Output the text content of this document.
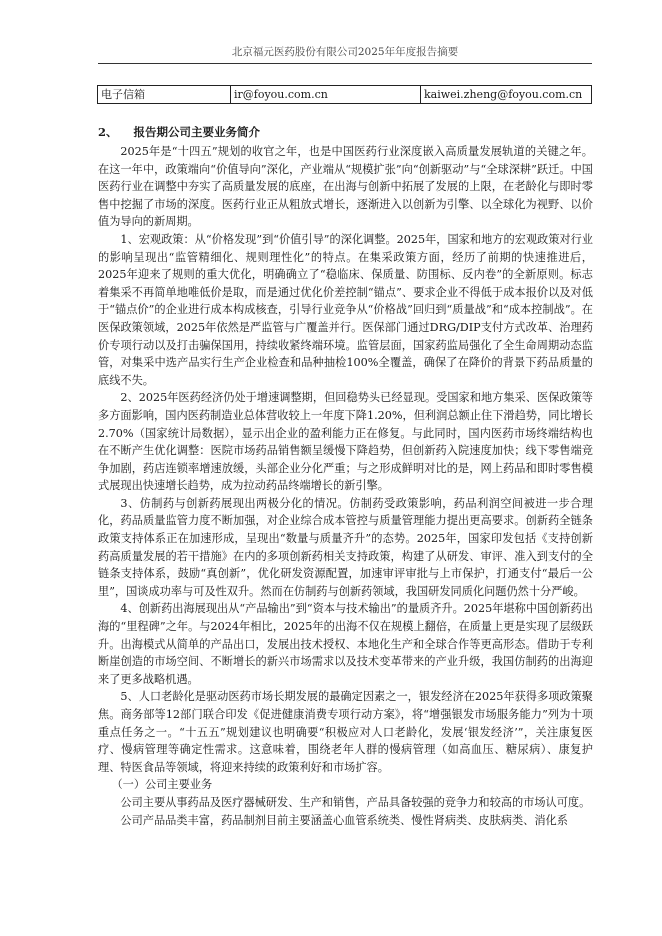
北京福元医药股份有限公司2025年年度报告摘要
电子信箱	ir@foyou.com.cn	kaiwei.zheng@foyou.com.cn
2、 报告期公司主要业务简介

2025年是“十四五”规划的收官之年，也是中国医药行业深度嵌入高质量发展轨道的关键之年。在这一年中，政策端向“价值导向”深化，产业端从“规模扩张”向“创新驱动”与“全球深耕”跃迁。中国医药行业在调整中夯实了高质量发展的底座，在出海与创新中拓展了发展的上限，在老龄化与即时零售中挖掘了市场的深度。医药行业正从粗放式增长，逐渐进入以创新为引擎、以全球化为视野、以价值为导向的新周期。

1、宏观政策：从“价格发现”到“价值引导”的深化调整。2025年，国家和地方的宏观政策对行业的影响呈现出“监管精细化、规则理性化”的特点。在集采政策方面，经历了前期的快速推进后，2025年迎来了规则的重大优化，明确确立了“稳临床、保质量、防围标、反内卷”的全新原则。标志着集采不再简单地唯低价是取，而是通过优化价差控制“锚点”、要求企业不得低于成本报价以及对低于“锚点价”的企业进行成本构成核查，引导行业竞争从“价格战”回归到“质量战”和“成本控制战”。在医保政策领域，2025年依然是严监管与广覆盖并行。医保部门通过DRG/DIP支付方式改革、治理药价专项行动以及打击骗保国用，持续收紧终端环境。监管层面，国家药监局强化了全生命周期动态监管，对集采中选产品实行生产企业检查和品种抽检100%全覆盖，确保了在降价的背景下药品质量的底线不失。

2、2025年医药经济仍处于增速调整期，但回稳势头已经显现。受国家和地方集采、医保政策等多方面影响，国内医药制造业总体营收较上一年度下降1.20%，但利润总额止住下滑趋势，同比增长2.70%（国家统计局数据），显示出企业的盈利能力正在修复。与此同时，国内医药市场终端结构也在不断产生优化调整：医院市场药品销售额呈缓慢下降趋势，但创新药入院速度加快；线下零售端竞争加剧，药店连锁率增速放缓，头部企业分化严重；与之形成鲜明对比的是，网上药品和即时零售模式展现出快速增长趋势，成为拉动药品终端增长的新引擎。

3、仿制药与创新药展现出两极分化的情况。仿制药受政策影响，药品利润空间被进一步合理化，药品质量监管力度不断加强，对企业综合成本管控与质量管理能力提出更高要求。创新药全链条政策支持体系正在加速形成，呈现出“数量与质量齐升”的态势。2025年，国家印发包括《支持创新药高质量发展的若干措施》在内的多项创新药相关支持政策，构建了从研发、审评、准入到支付的全链条支持体系，鼓励“真创新”，优化研发资源配置，加速审评审批与上市保护，打通支付“最后一公里”，国谈成功率与可及性双升。然而在仿制药与创新药领域，我国研发同质化问题仍然十分严峻。

4、创新药出海展现出从“产品输出”到“资本与技术输出”的量质齐升。2025年堪称中国创新药出海的“里程碑”之年。与2024年相比，2025年的出海不仅在规模上翻倍，在质量上更是实现了层级跃升。出海模式从简单的产品出口，发展出技术授权、本地化生产和全球合作等更高形态。借助于专利断崖创造的市场空间、不断增长的新兴市场需求以及技术变革带来的产业升级，我国仿制药的出海迎来了更多战略机遇。

5、人口老龄化是驱动医药市场长期发展的最确定因素之一，银发经济在2025年获得多项政策聚焦。商务部等12部门联合印发《促进健康消费专项行动方案》，将“增强银发市场服务能力”列为十项重点任务之一。“十五五”规划建议也明确要“积极应对人口老龄化，发展‘银发经济’”，关注康复医疗、慢病管理等确定性需求。这意味着，围绕老年人群的慢病管理（如高血压、糖尿病）、康复护理、特医食品等领域，将迎来持续的政策利好和市场扩容。

（一）公司主要业务

公司主要从事药品及医疗器械研发、生产和销售，产品具备较强的竞争力和较高的市场认可度。

公司产品品类丰富，药品制剂目前主要涵盖心血管系统类、慢性肾病类、皮肤病类、消化系
